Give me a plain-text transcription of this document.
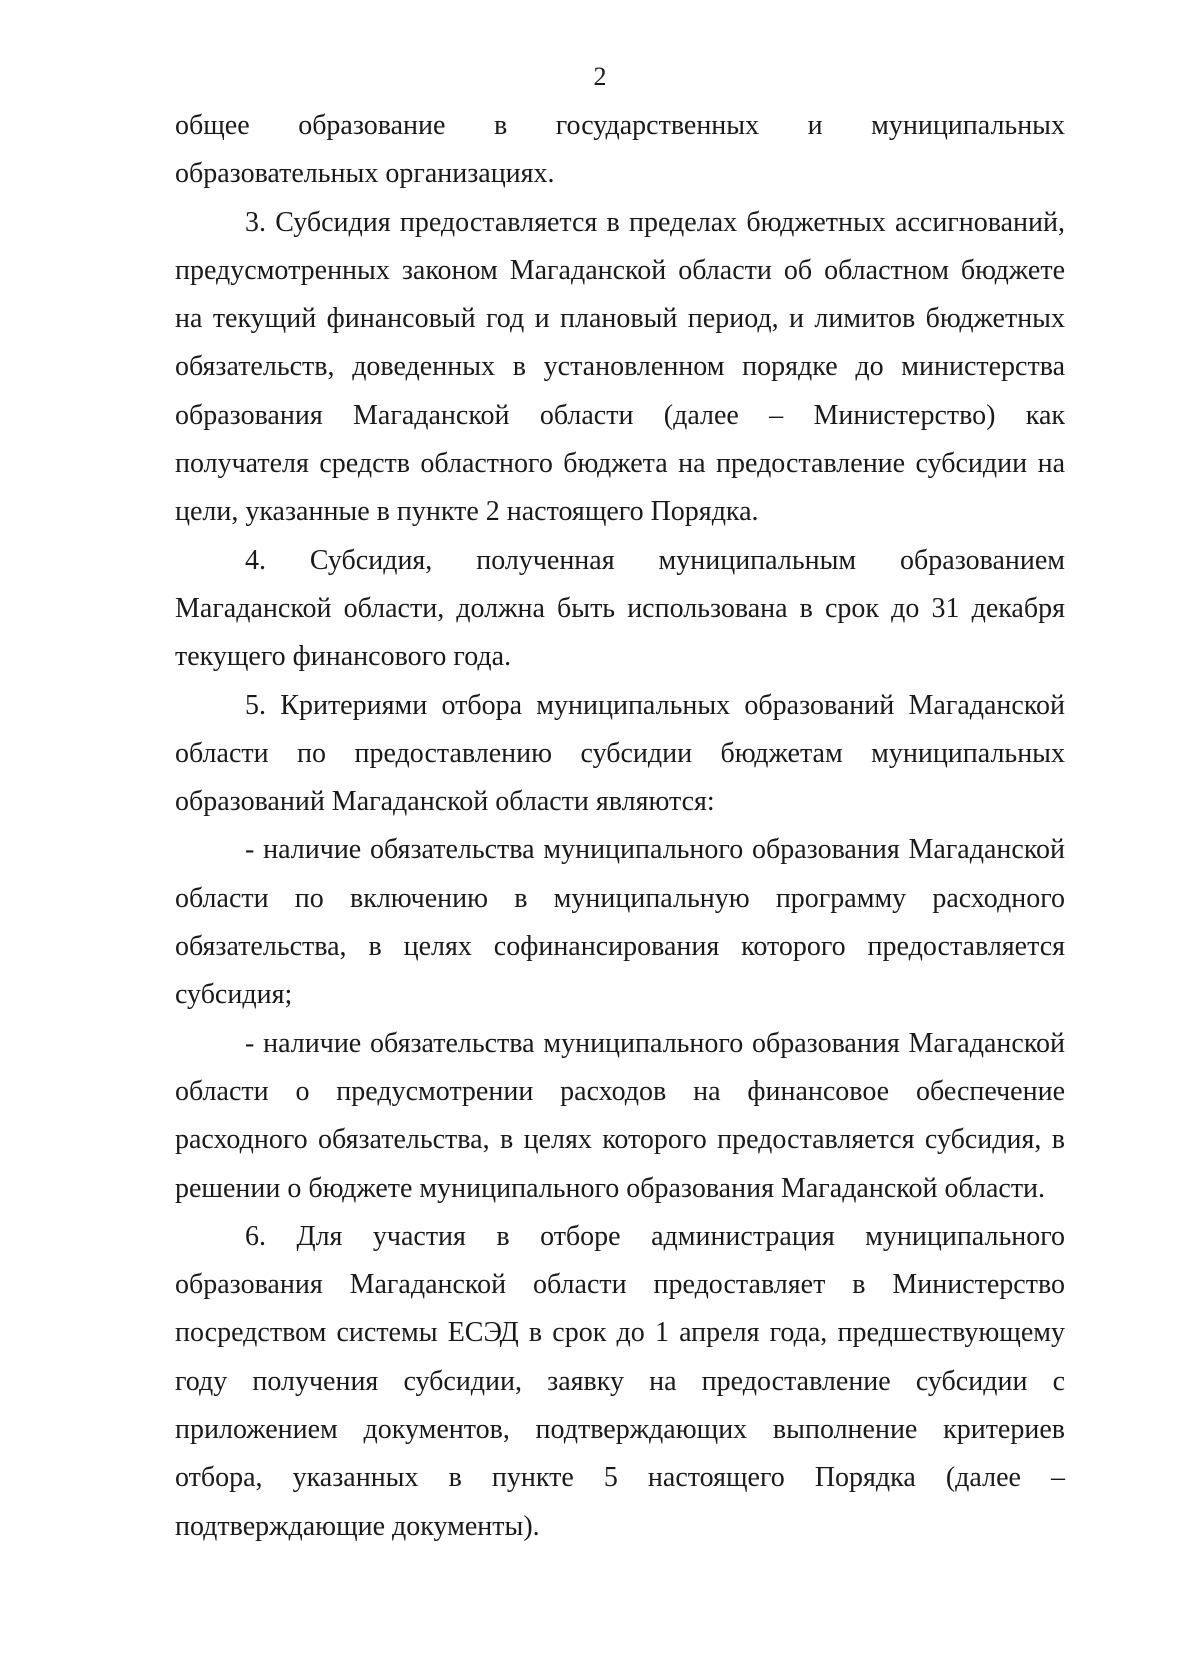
2

общее образование в государственных и муниципальных образовательных организациях.

3. Субсидия предоставляется в пределах бюджетных ассигнований, предусмотренных законом Магаданской области об областном бюджете на текущий финансовый год и плановый период, и лимитов бюджетных обязательств, доведенных в установленном порядке до министерства образования Магаданской области (далее – Министерство) как получателя средств областного бюджета на предоставление субсидии на цели, указанные в пункте 2 настоящего Порядка.

4. Субсидия, полученная муниципальным образованием Магаданской области, должна быть использована в срок до 31 декабря текущего финансового года.

5. Критериями отбора муниципальных образований Магаданской области по предоставлению субсидии бюджетам муниципальных образований Магаданской области являются:

- наличие обязательства муниципального образования Магаданской области по включению в муниципальную программу расходного обязательства, в целях софинансирования которого предоставляется субсидия;

- наличие обязательства муниципального образования Магаданской области о предусмотрении расходов на финансовое обеспечение расходного обязательства, в целях которого предоставляется субсидия, в решении о бюджете муниципального образования Магаданской области.

6. Для участия в отборе администрация муниципального образования Магаданской области предоставляет в Министерство посредством системы ЕСЭД в срок до 1 апреля года, предшествующему году получения субсидии, заявку на предоставление субсидии с приложением документов, подтверждающих выполнение критериев отбора, указанных в пункте 5 настоящего Порядка (далее – подтверждающие документы).
